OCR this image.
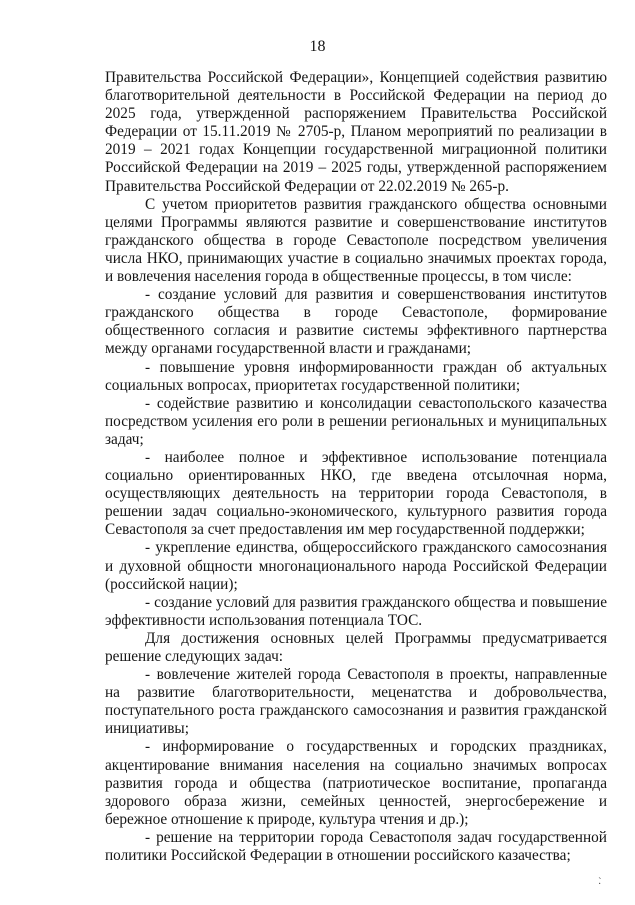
18

Правительства Российской Федерации», Концепцией содействия развитию благотворительной деятельности в Российской Федерации на период до 2025 года, утвержденной распоряжением Правительства Российской Федерации от 15.11.2019 № 2705-р, Планом мероприятий по реализации в 2019 – 2021 годах Концепции государственной миграционной политики Российской Федерации на 2019 – 2025 годы, утвержденной распоряжением Правительства Российской Федерации от 22.02.2019 № 265-р.

С учетом приоритетов развития гражданского общества основными целями Программы являются развитие и совершенствование институтов гражданского общества в городе Севастополе посредством увеличения числа НКО, принимающих участие в социально значимых проектах города, и вовлечения населения города в общественные процессы, в том числе:

- создание условий для развития и совершенствования институтов гражданского общества в городе Севастополе, формирование общественного согласия и развитие системы эффективного партнерства между органами государственной власти и гражданами;

- повышение уровня информированности граждан об актуальных социальных вопросах, приоритетах государственной политики;

- содействие развитию и консолидации севастопольского казачества посредством усиления его роли в решении региональных и муниципальных задач;

- наиболее полное и эффективное использование потенциала социально ориентированных НКО, где введена отсылочная норма, осуществляющих деятельность на территории города Севастополя, в решении задач социально-экономического, культурного развития города Севастополя за счет предоставления им мер государственной поддержки;

- укрепление единства, общероссийского гражданского самосознания и духовной общности многонационального народа Российской Федерации (российской нации);

- создание условий для развития гражданского общества и повышение эффективности использования потенциала ТОС.

Для достижения основных целей Программы предусматривается решение следующих задач:

- вовлечение жителей города Севастополя в проекты, направленные на развитие благотворительности, меценатства и добровольчества, поступательного роста гражданского самосознания и развития гражданской инициативы;

- информирование о государственных и городских праздниках, акцентирование внимания населения на социально значимых вопросах развития города и общества (патриотическое воспитание, пропаганда здорового образа жизни, семейных ценностей, энергосбережение и бережное отношение к природе, культура чтения и др.);

- решение на территории города Севастополя задач государственной политики Российской Федерации в отношении российского казачества;

·̀
